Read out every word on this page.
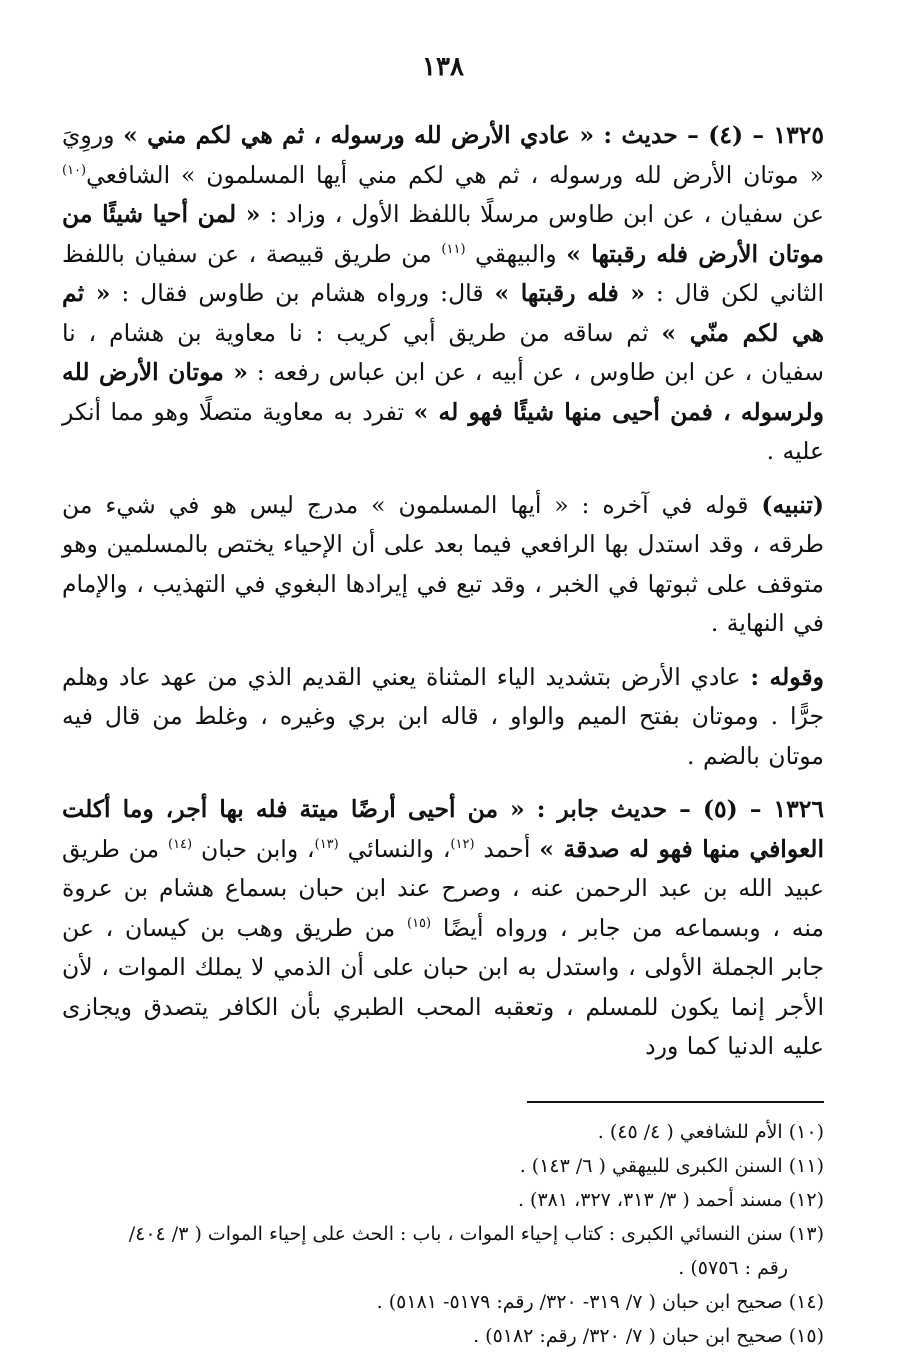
١٣٨

١٣٢٥ – (٤) – حديث : « عادي الأرض لله ورسوله ، ثم هي لكم مني » وروِيَ « موتان الأرض لله ورسوله ، ثم هي لكم مني أيها المسلمون » الشافعي$^{(١٠)}$ عن سفيان ، عن ابن طاوس مرسلًا باللفظ الأول ، وزاد : « لمن أحيا شيئًا من موتان الأرض فله رقبتها » والبيهقي $^{(١١)}$ من طريق قبيصة ، عن سفيان باللفظ الثاني لكن قال : « فله رقبتها » قال: ورواه هشام بن طاوس فقال : « ثم هي لكم منّي » ثم ساقه من طريق أبي كريب : نا معاوية بن هشام ، نا سفيان ، عن ابن طاوس ، عن أبيه ، عن ابن عباس رفعه : « موتان الأرض لله ولرسوله ، فمن أحيى منها شيئًا فهو له » تفرد به معاوية متصلًا وهو مما أنكر عليه .

(تنبيه) قوله في آخره : « أيها المسلمون » مدرج ليس هو في شيء من طرقه ، وقد استدل بها الرافعي فيما بعد على أن الإحياء يختص بالمسلمين وهو متوقف على ثبوتها في الخبر ، وقد تبع في إيرادها البغوي في التهذيب ، والإمام في النهاية .

وقوله : عادي الأرض بتشديد الياء المثناة يعني القديم الذي من عهد عاد وهلم جرًّا . وموتان بفتح الميم والواو ، قاله ابن بري وغيره ، وغلط من قال فيه موتان بالضم .

١٣٢٦ – (٥) – حديث جابر : « من أحيى أرضًا ميتة فله بها أجر، وما أكلت العوافي منها فهو له صدقة » أحمد $^{(١٢)}$، والنسائي $^{(١٣)}$، وابن حبان $^{(١٤)}$ من طريق عبيد الله بن عبد الرحمن عنه ، وصرح عند ابن حبان بسماع هشام بن عروة منه ، وبسماعه من جابر ، ورواه أيضًا $^{(١٥)}$ من طريق وهب بن كيسان ، عن جابر الجملة الأولى ، واستدل به ابن حبان على أن الذمي لا يملك الموات ، لأن الأجر إنما يكون للمسلم ، وتعقبه المحب الطبري بأن الكافر يتصدق ويجازى عليه الدنيا كما ورد

(١٠) الأم للشافعي ( ٤/ ٤٥) .
(١١) السنن الكبرى للبيهقي ( ٦/ ١٤٣) .
(١٢) مسند أحمد ( ٣/ ٣١٣، ٣٢٧، ٣٨١) .
(١٣) سنن النسائي الكبرى : كتاب إحياء الموات ، باب : الحث على إحياء الموات ( ٣/ ٤٠٤/
رقم : ٥٧٥٦) .
(١٤) صحيح ابن حبان ( ٧/ ٣١٩- ٣٢٠/ رقم: ٥١٧٩- ٥١٨١) .
(١٥) صحيح ابن حبان ( ٧/ ٣٢٠/ رقم: ٥١٨٢) .
